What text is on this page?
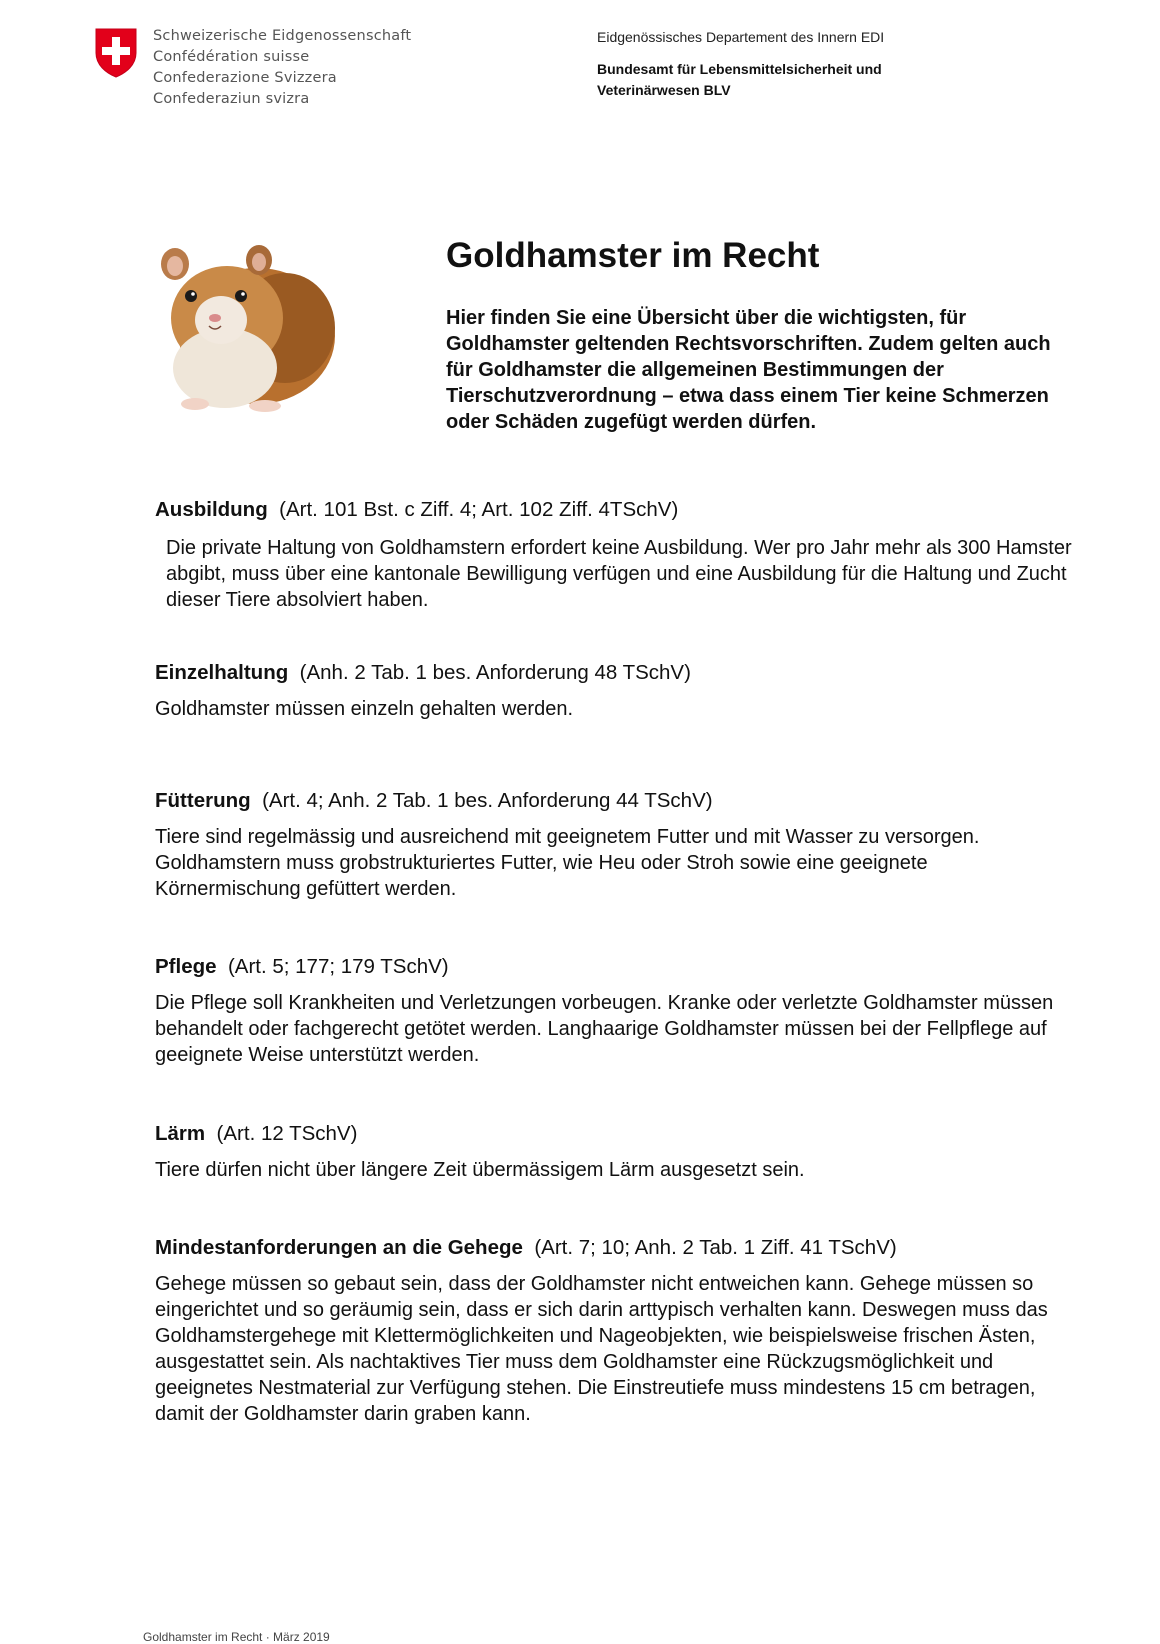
Schweizerische Eidgenossenschaft
Confédération suisse
Confederazione Svizzera
Confederaziun svizra
Eidgenössisches Departement des Innern EDI
Bundesamt für Lebensmittelsicherheit und Veterinärwesen BLV
Goldhamster im Recht

Hier finden Sie eine Übersicht über die wichtigsten, für Goldhamster geltenden Rechtsvorschriften. Zudem gelten auch für Goldhamster die allgemeinen Bestimmungen der Tierschutzverordnung – etwa dass einem Tier keine Schmerzen oder Schäden zugefügt werden dürfen.

Ausbildung (Art. 101 Bst. c Ziff. 4; Art. 102 Ziff. 4TSchV)

Die private Haltung von Goldhamstern erfordert keine Ausbildung. Wer pro Jahr mehr als 300 Hamster abgibt, muss über eine kantonale Bewilligung verfügen und eine Ausbildung für die Haltung und Zucht dieser Tiere absolviert haben.

Einzelhaltung (Anh. 2 Tab. 1 bes. Anforderung 48 TSchV)

Goldhamster müssen einzeln gehalten werden.

Fütterung (Art. 4; Anh. 2 Tab. 1 bes. Anforderung 44 TSchV)

Tiere sind regelmässig und ausreichend mit geeignetem Futter und mit Wasser zu versorgen. Goldhamstern muss grobstrukturiertes Futter, wie Heu oder Stroh sowie eine geeignete Körnermischung gefüttert werden.

Pflege (Art. 5; 177; 179 TSchV)

Die Pflege soll Krankheiten und Verletzungen vorbeugen. Kranke oder verletzte Goldhamster müssen behandelt oder fachgerecht getötet werden. Langhaarige Goldhamster müssen bei der Fellpflege auf geeignete Weise unterstützt werden.

Lärm (Art. 12 TSchV)

Tiere dürfen nicht über längere Zeit übermässigem Lärm ausgesetzt sein.

Mindestanforderungen an die Gehege (Art. 7; 10; Anh. 2 Tab. 1 Ziff. 41 TSchV)

Gehege müssen so gebaut sein, dass der Goldhamster nicht entweichen kann. Gehege müssen so eingerichtet und so geräumig sein, dass er sich darin arttypisch verhalten kann. Deswegen muss das Goldhamstergehege mit Klettermöglichkeiten und Nageobjekten, wie beispielsweise frischen Ästen, ausgestattet sein. Als nachtaktives Tier muss dem Goldhamster eine Rückzugsmöglichkeit und geeignetes Nestmaterial zur Verfügung stehen. Die Einstreutiefe muss mindestens 15 cm betragen, damit der Goldhamster darin graben kann.

Goldhamster im Recht · März 2019
